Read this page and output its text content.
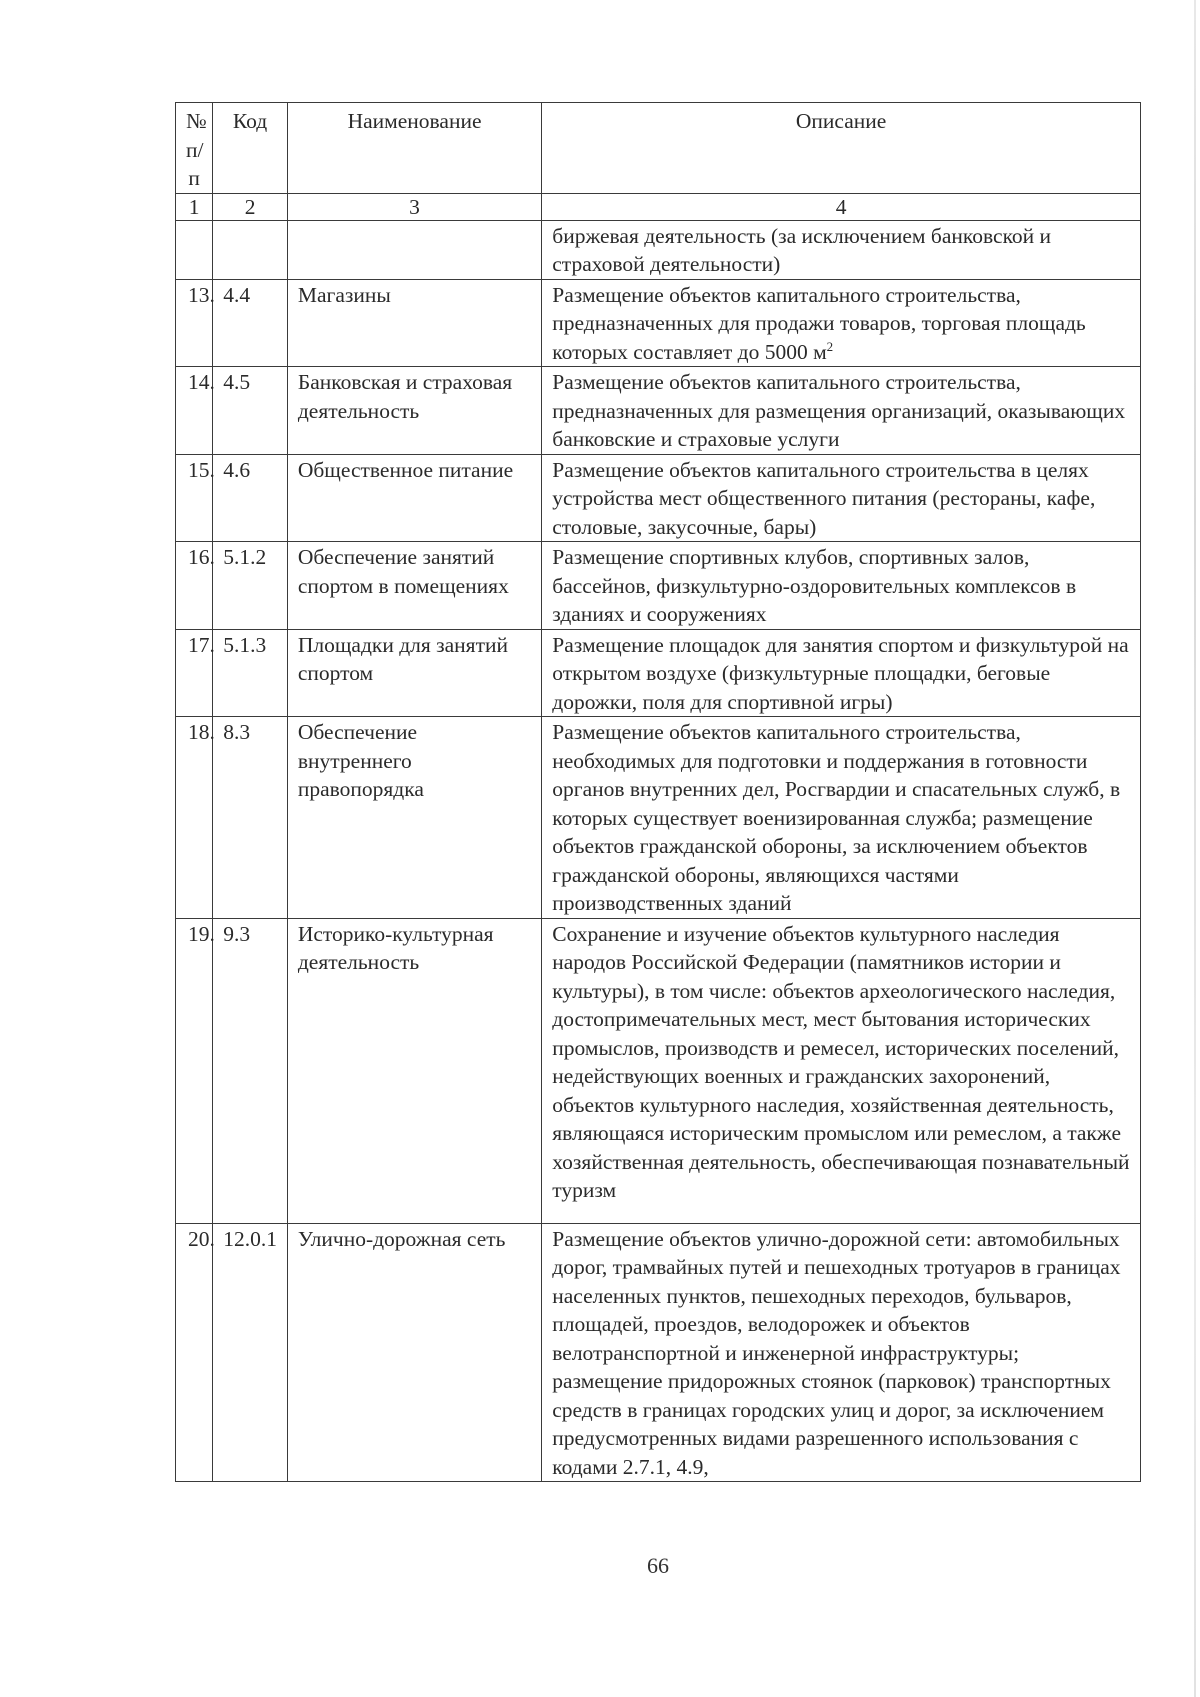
№ п/п	Код	Наименование	Описание
1	2	3	4
			биржевая деятельность (за исключением банковской и страховой деятельности)
13.	4.4	Магазины	Размещение объектов капитального строительства, предназначенных для продажи товаров, торговая площадь которых составляет до 5000 $м^2$
14.	4.5	Банковская и страховая деятельность	Размещение объектов капитального строительства, предназначенных для размещения организаций, оказывающих банковские и страховые услуги
15.	4.6	Общественное питание	Размещение объектов капитального строительства в целях устройства мест общественного питания (рестораны, кафе, столовые, закусочные, бары)
16.	5.1.2	Обеспечение занятий спортом в помещениях	Размещение спортивных клубов, спортивных залов, бассейнов, физкультурно-оздоровительных комплексов в зданиях и сооружениях
17.	5.1.3	Площадки для занятий спортом	Размещение площадок для занятия спортом и физкультурой на открытом воздухе (физкультурные площадки, беговые дорожки, поля для спортивной игры)
18.	8.3	Обеспечение внутреннего правопорядка	Размещение объектов капитального строительства, необходимых для подготовки и поддержания в готовности органов внутренних дел, Росгвардии и спасательных служб, в которых существует военизированная служба; размещение объектов гражданской обороны, за исключением объектов гражданской обороны, являющихся частями производственных зданий
19.	9.3	Историко-культурная деятельность	Сохранение и изучение объектов культурного наследия народов Российской Федерации (памятников истории и культуры), в том числе: объектов археологического наследия, достопримечательных мест, мест бытования исторических промыслов, производств и ремесел, исторических поселений, недействующих военных и гражданских захоронений, объектов культурного наследия, хозяйственная деятельность, являющаяся историческим промыслом или ремеслом, а также хозяйственная деятельность, обеспечивающая познавательный туризм
20.	12.0.1	Улично-дорожная сеть	Размещение объектов улично-дорожной сети: автомобильных дорог, трамвайных путей и пешеходных тротуаров в границах населенных пунктов, пешеходных переходов, бульваров, площадей, проездов, велодорожек и объектов велотранспортной и инженерной инфраструктуры; размещение придорожных стоянок (парковок) транспортных средств в границах городских улиц и дорог, за исключением предусмотренных видами разрешенного использования с кодами 2.7.1, 4.9,
66
